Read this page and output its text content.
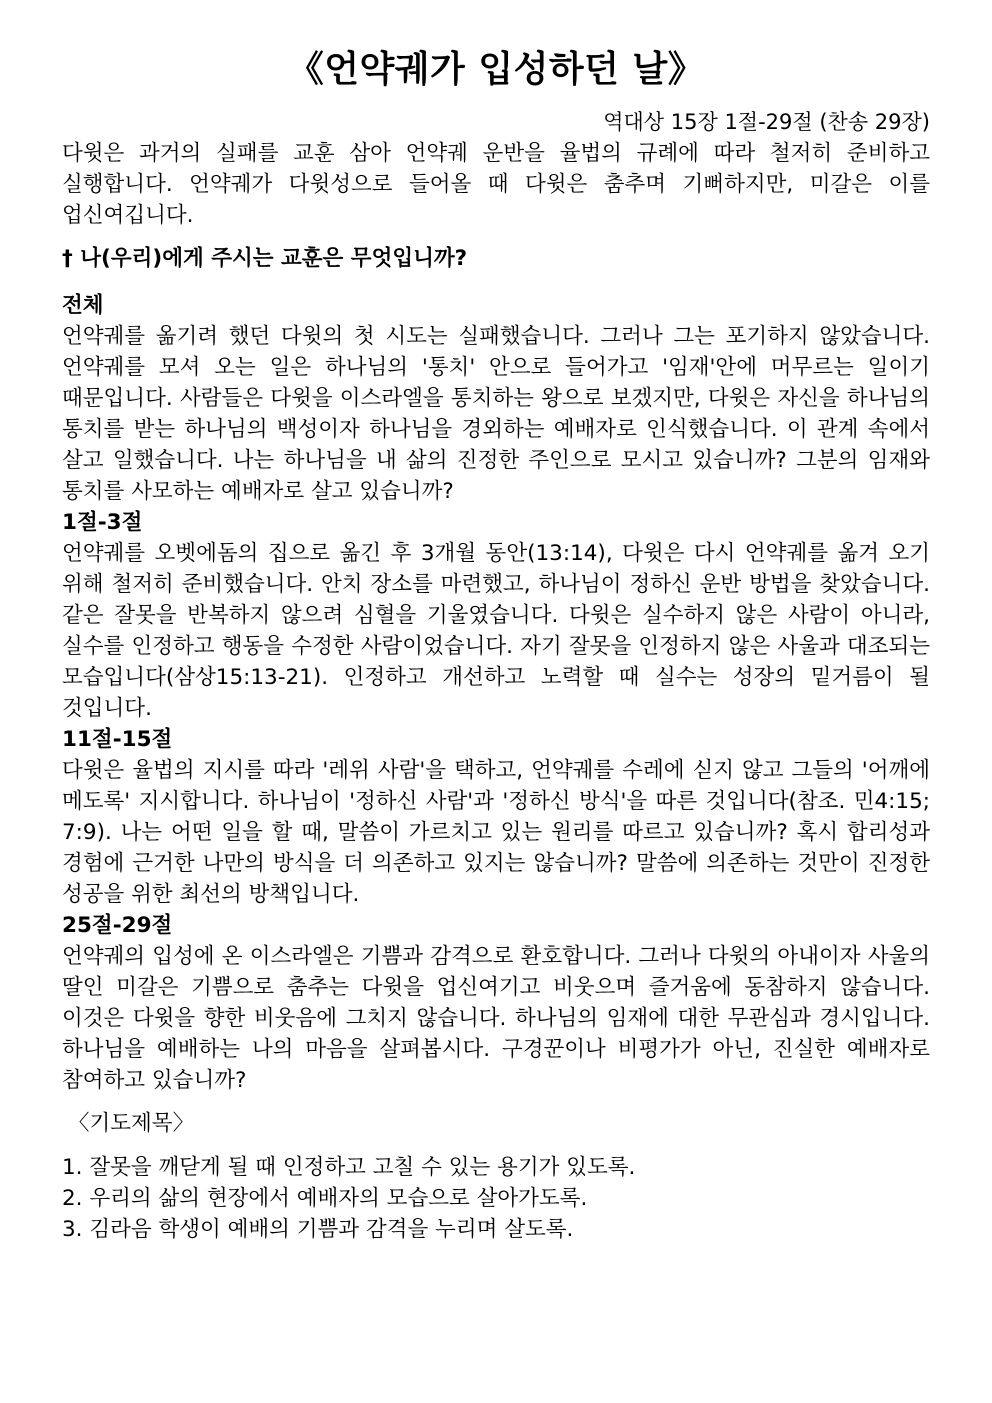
《언약궤가 입성하던 날》
역대상 15장 1절-29절 (찬송 29장)

다윗은 과거의 실패를 교훈 삼아 언약궤 운반을 율법의 규례에 따라 철저히 준비하고 실행합니다. 언약궤가 다윗성으로 들어올 때 다윗은 춤추며 기뻐하지만, 미갈은 이를 업신여깁니다.

† 나(우리)에게 주시는 교훈은 무엇입니까?
전체

언약궤를 옮기려 했던 다윗의 첫 시도는 실패했습니다. 그러나 그는 포기하지 않았습니다. 언약궤를 모셔 오는 일은 하나님의 '통치' 안으로 들어가고 '임재'안에 머무르는 일이기 때문입니다. 사람들은 다윗을 이스라엘을 통치하는 왕으로 보겠지만, 다윗은 자신을 하나님의 통치를 받는 하나님의 백성이자 하나님을 경외하는 예배자로 인식했습니다. 이 관계 속에서 살고 일했습니다. 나는 하나님을 내 삶의 진정한 주인으로 모시고 있습니까? 그분의 임재와 통치를 사모하는 예배자로 살고 있습니까?

1절-3절

언약궤를 오벳에돔의 집으로 옮긴 후 3개월 동안(13:14), 다윗은 다시 언약궤를 옮겨 오기 위해 철저히 준비했습니다. 안치 장소를 마련했고, 하나님이 정하신 운반 방법을 찾았습니다. 같은 잘못을 반복하지 않으려 심혈을 기울였습니다. 다윗은 실수하지 않은 사람이 아니라, 실수를 인정하고 행동을 수정한 사람이었습니다. 자기 잘못을 인정하지 않은 사울과 대조되는 모습입니다(삼상15:13-21). 인정하고 개선하고 노력할 때 실수는 성장의 밑거름이 될 것입니다.

11절-15절

다윗은 율법의 지시를 따라 '레위 사람'을 택하고, 언약궤를 수레에 싣지 않고 그들의 '어깨에 메도록' 지시합니다. 하나님이 '정하신 사람'과 '정하신 방식'을 따른 것입니다(참조. 민4:15; 7:9). 나는 어떤 일을 할 때, 말씀이 가르치고 있는 원리를 따르고 있습니까? 혹시 합리성과 경험에 근거한 나만의 방식을 더 의존하고 있지는 않습니까? 말씀에 의존하는 것만이 진정한 성공을 위한 최선의 방책입니다.

25절-29절

언약궤의 입성에 온 이스라엘은 기쁨과 감격으로 환호합니다. 그러나 다윗의 아내이자 사울의 딸인 미갈은 기쁨으로 춤추는 다윗을 업신여기고 비웃으며 즐거움에 동참하지 않습니다. 이것은 다윗을 향한 비웃음에 그치지 않습니다. 하나님의 임재에 대한 무관심과 경시입니다. 하나님을 예배하는 나의 마음을 살펴봅시다. 구경꾼이나 비평가가 아닌, 진실한 예배자로 참여하고 있습니까?

〈기도제목〉
1. 잘못을 깨닫게 될 때 인정하고 고칠 수 있는 용기가 있도록.
2. 우리의 삶의 현장에서 예배자의 모습으로 살아가도록.
3. 김라음 학생이 예배의 기쁨과 감격을 누리며 살도록.
